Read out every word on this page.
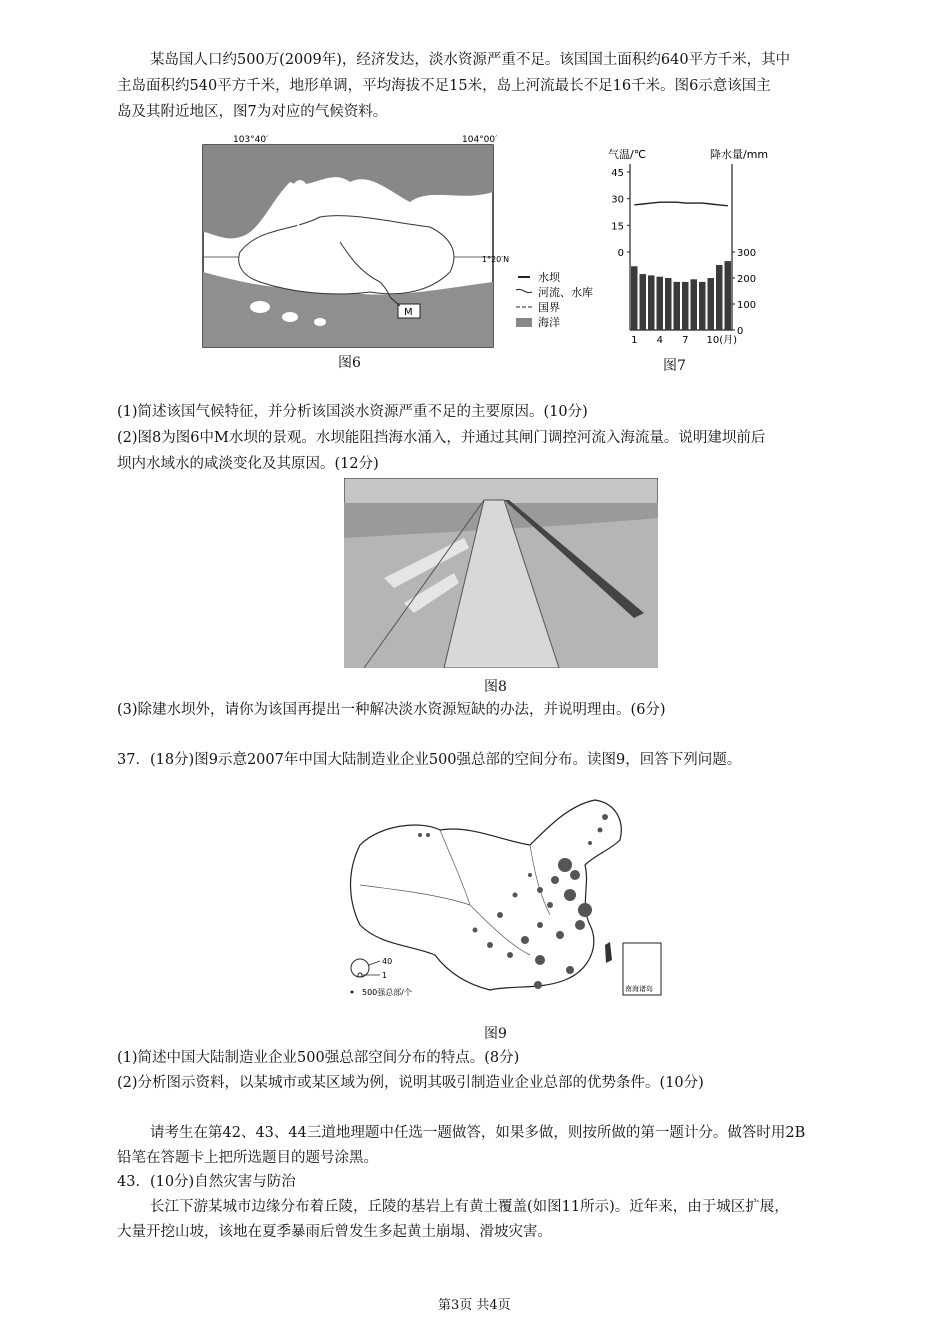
某岛国人口约500万(2009年)，经济发达，淡水资源严重不足。该国国土面积约640平方千米，其中
主岛面积约540平方千米，地形单调，平均海拔不足15米，岛上河流最长不足16千米。图6示意该国主
岛及其附近地区，图7为对应的气候资料。
103°40′	104°00′
1°20′N
M
水坝
河流、水库
国界
海洋
图6
气温/℃	降水量/mm
45
30
15
0	300
200
100
0
1 4 7 10(月)
图7
(1)简述该国气候特征，并分析该国淡水资源严重不足的主要原因。(10分)
(2)图8为图6中M水坝的景观。水坝能阻挡海水涌入，并通过其闸门调控河流入海流量。说明建坝前后
坝内水域水的咸淡变化及其原因。(12分)
图8
(3)除建水坝外，请你为该国再提出一种解决淡水资源短缺的办法，并说明理由。(6分)
37．(18分)图9示意2007年中国大陆制造业企业500强总部的空间分布。读图9，回答下列问题。
南海诸岛
40
1
500强总部/个
图9
(1)简述中国大陆制造业企业500强总部空间分布的特点。(8分)
(2)分析图示资料，以某城市或某区域为例，说明其吸引制造业企业总部的优势条件。(10分)
请考生在第42、43、44三道地理题中任选一题做答，如果多做，则按所做的第一题计分。做答时用2B
铅笔在答题卡上把所选题目的题号涂黑。
43．(10分)自然灾害与防治
长江下游某城市边缘分布着丘陵，丘陵的基岩上有黄土覆盖(如图11所示)。近年来，由于城区扩展，
大量开挖山坡，该地在夏季暴雨后曾发生多起黄土崩塌、滑坡灾害。
第3页 共4页
